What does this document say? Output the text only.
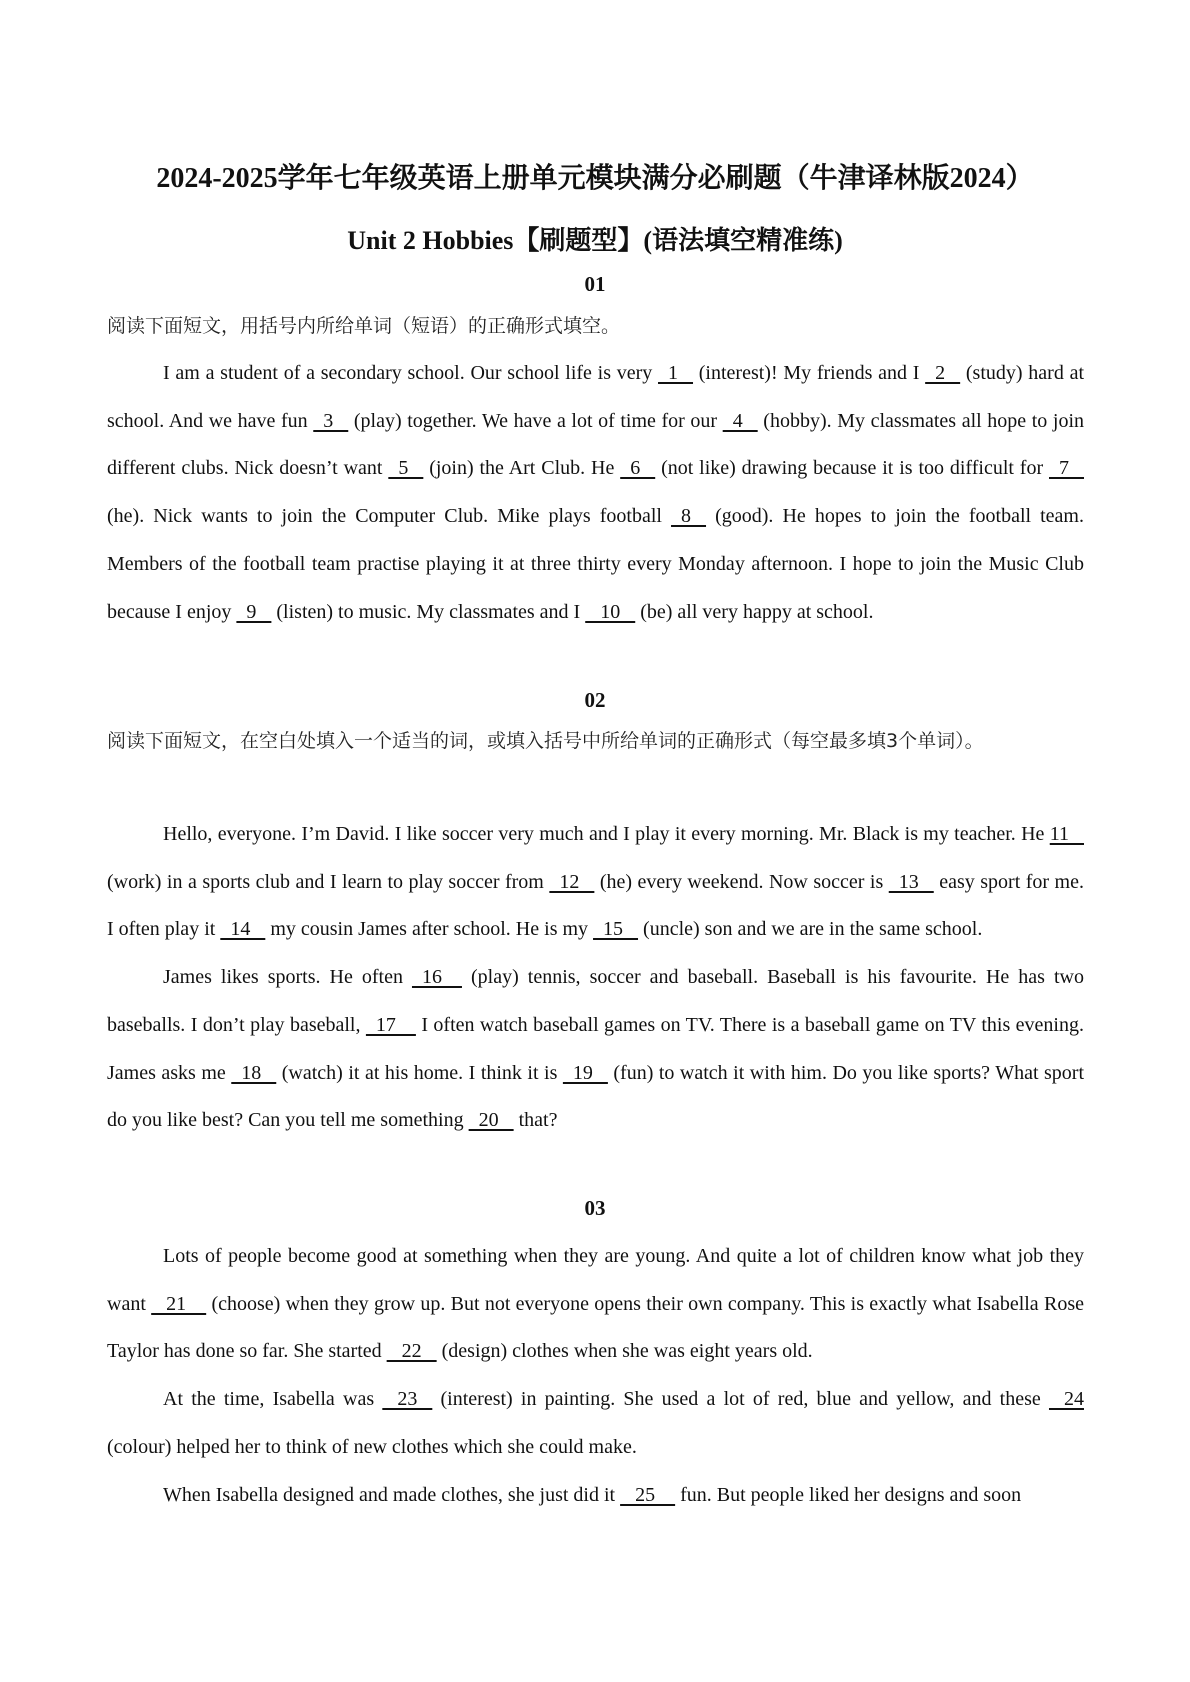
2024-2025学年七年级英语上册单元模块满分必刷题（牛津译林版2024）
Unit 2 Hobbies【刷题型】(语法填空精准练)
01

阅读下面短文，用括号内所给单词（短语）的正确形式填空。

I am a student of a secondary school. Our school life is very   1    (interest)! My friends and I   2    (study) hard at school. And we have fun   3    (play) together. We have a lot of time for our   4    (hobby). My classmates all hope to join different clubs. Nick doesn’t want   5    (join) the Art Club. He   6    (not like) drawing because it is too difficult for   7    (he). Nick wants to join the Computer Club. Mike plays football   8    (good). He hopes to join the football team. Members of the football team practise playing it at three thirty every Monday afternoon. I hope to join the Music Club because I enjoy   9    (listen) to music. My classmates and I    10    (be) all very happy at school.

02

阅读下面短文，在空白处填入一个适当的词，或填入括号中所给单词的正确形式（每空最多填3个单词）。

Hello, everyone. I’m David. I like soccer very much and I play it every morning. Mr. Black is my teacher. He 11    (work) in a sports club and I learn to play soccer from   12    (he) every weekend. Now soccer is   13    easy sport for me. I often play it   14    my cousin James after school. He is my   15    (uncle) son and we are in the same school.

James likes sports. He often   16     (play) tennis, soccer and baseball. Baseball is his favourite. He has two baseballs. I don’t play baseball,   17     I often watch baseball games on TV. There is a baseball game on TV this evening. James asks me   18    (watch) it at his home. I think it is   19    (fun) to watch it with him. Do you like sports? What sport do you like best? Can you tell me something   20    that?

03

Lots of people become good at something when they are young. And quite a lot of children know what job they want    21     (choose) when they grow up. But not everyone opens their own company. This is exactly what Isabella Rose Taylor has done so far. She started    22    (design) clothes when she was eight years old.

At the time, Isabella was    23    (interest) in painting. She used a lot of red, blue and yellow, and these    24 (colour) helped her to think of new clothes which she could make.

When Isabella designed and made clothes, she just did it    25     fun. But people liked her designs and soon
